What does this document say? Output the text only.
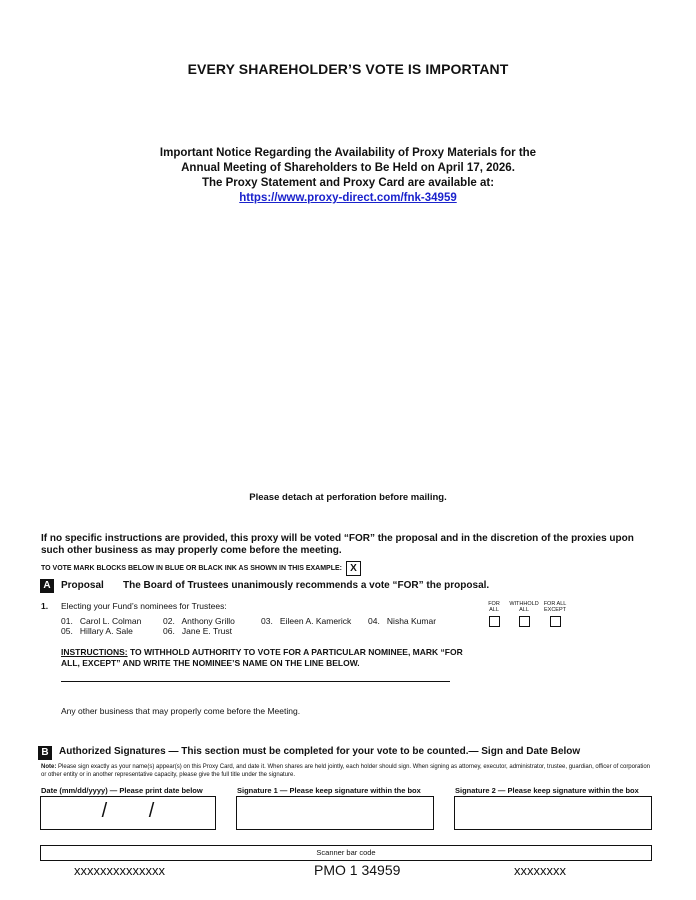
EVERY SHAREHOLDER’S VOTE IS IMPORTANT
Important Notice Regarding the Availability of Proxy Materials for the
Annual Meeting of Shareholders to Be Held on April 17, 2026.
The Proxy Statement and Proxy Card are available at:
https://www.proxy-direct.com/fnk-34959
Please detach at perforation before mailing.
If no specific instructions are provided, this proxy will be voted “FOR” the proposal and in the discretion of the proxies upon such other business as may properly come before the meeting.
TO VOTE MARK BLOCKS BELOW IN BLUE OR BLACK INK AS SHOWN IN THIS EXAMPLE: X
A	Proposal The Board of Trustees unanimously recommends a vote “FOR” the proposal.
1. Electing your Fund’s nominees for Trustees:
01. Carol L. Colman	02. Anthony Grillo	03. Eileen A. Kamerick 04. Nisha Kumar
05. Hillary A. Sale	06. Jane E. Trust
FOR
ALL
WITHHOLD
ALL
FOR ALL
EXCEPT
INSTRUCTIONS: TO WITHHOLD AUTHORITY TO VOTE FOR A PARTICULAR NOMINEE, MARK “FOR ALL, EXCEPT” AND WRITE THE NOMINEE’S NAME ON THE LINE BELOW.
Any other business that may properly come before the Meeting.
B	Authorized Signatures — This section must be completed for your vote to be counted.— Sign and Date Below
Note: Please sign exactly as your name(s) appear(s) on this Proxy Card, and date it. When shares are held jointly, each holder should sign. When signing as attorney, executor, administrator, trustee, guardian, officer of corporation or other entity or in another representative capacity, please give the full title under the signature.
Date (mm/dd/yyyy) — Please print date below	Signature 1 — Please keep signature within the box	Signature 2 — Please keep signature within the box
/ /
Scanner bar code
xxxxxxxxxxxxxx	PMO 1 34959	xxxxxxxx
